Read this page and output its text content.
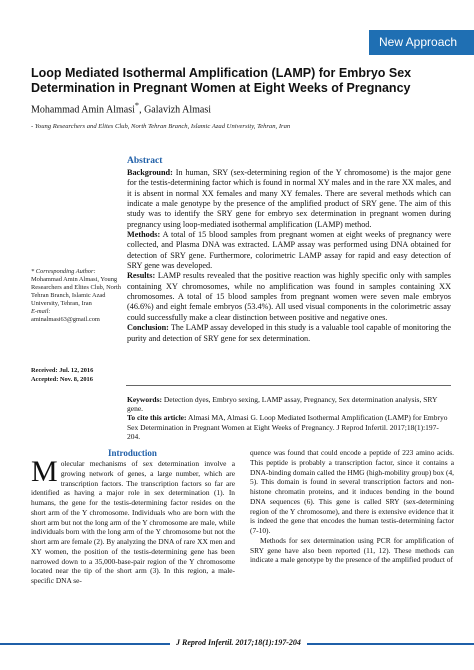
New Approach
Loop Mediated Isothermal Amplification (LAMP) for Embryo Sex Determination in Pregnant Women at Eight Weeks of Pregnancy
Mohammad Amin Almasi*, Galavizh Almasi
- Young Researchers and Elites Club, North Tehran Branch, Islamic Azad University, Tehran, Iran
Abstract

Background: In human, SRY (sex-determining region of the Y chromosome) is the major gene for the testis-determining factor which is found in normal XY males and in the rare XX males, and it is absent in normal XX females and many XY females. There are several methods which can indicate a male genotype by the presence of the amplified product of SRY gene. The aim of this study was to identify the SRY gene for embryo sex determination in pregnant women during pregnancy using loop-mediated isothermal amplification (LAMP) method.

Methods: A total of 15 blood samples from pregnant women at eight weeks of pregnancy were collected, and Plasma DNA was extracted. LAMP assay was performed using DNA obtained for detection of SRY gene. Furthermore, colorimetric LAMP assay for rapid and easy detection of SRY gene was developed.

Results: LAMP results revealed that the positive reaction was highly specific only with samples containing XY chromosomes, while no amplification was found in samples containing XX chromosomes. A total of 15 blood samples from pregnant women were seven male embryos (46.6%) and eight female embryos (53.4%). All used visual components in the colorimetric assay could successfully make a clear distinction between positive and negative ones.

Conclusion: The LAMP assay developed in this study is a valuable tool capable of monitoring the purity and detection of SRY gene for sex determination.

* Corresponding Author:
Mohammad Amin Almasi, Young Researchers and Elites Club, North Tehran Branch, Islamic Azad University, Tehran, Iran
E-mail:
aminalmasi63@gmail.com
Received: Jul. 12, 2016
Accepted: Nov. 8, 2016

Keywords: Detection dyes, Embryo sexing, LAMP assay, Pregnancy, Sex determination analysis, SRY gene.

To cite this article: Almasi MA, Almasi G. Loop Mediated Isothermal Amplification (LAMP) for Embryo Sex Determination in Pregnant Women at Eight Weeks of Pregnancy. J Reprod Infertil. 2017;18(1):197-204.

Introduction
Molecular mechanisms of sex determination involve a growing network of genes, a large number, which are transcription factors. The transcription factors so far are identified as having a major role in sex determination (1). In humans, the gene for the testis-determining factor resides on the short arm of the Y chromosome. Individuals who are born with the short arm but not the long arm of the Y chromosome are male, while individuals born with the long arm of the Y chromosome but not the short arm are female (2). By analyzing the DNA of rare XX men and XY women, the position of the testis-determining gene has been narrowed down to a 35,000-base-pair region of the Y chromosome located near the tip of the short arm (3). In this region, a male-specific DNA se-

quence was found that could encode a peptide of 223 amino acids. This peptide is probably a transcription factor, since it contains a DNA-binding domain called the HMG (high-mobility group) box (4, 5). This domain is found in several transcription factors and non-histone chromatin proteins, and it induces bending in the bound DNA sequences (6). This gene is called SRY (sex-determining region of the Y chromosome), and there is extensive evidence that it is indeed the gene that encodes the human testis-determining factor (7-10).

Methods for sex determination using PCR for amplification of SRY gene have also been reported (11, 12). These methods can indicate a male genotype by the presence of the amplified product of

J Reprod Infertil. 2017;18(1):197-204
